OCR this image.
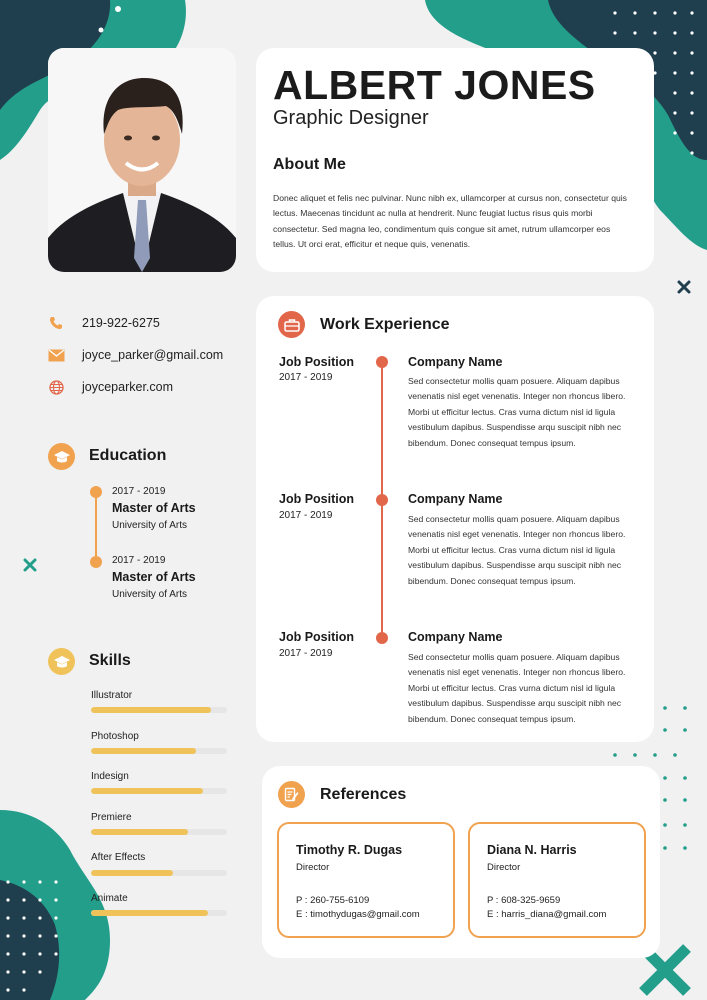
ALBERT JONES
Graphic Designer
About Me
Donec aliquet et felis nec pulvinar. Nunc nibh ex, ullamcorper at cursus non, consectetur quis lectus. Maecenas tincidunt ac nulla at hendrerit. Nunc feugiat luctus risus quis morbi consectetur. Sed magna leo, condimentum quis congue sit amet, rutrum ullamcorper eos tellus. Ut orci erat, efficitur et neque quis, venenatis.
219-922-6275
joyce_parker@gmail.com
joyceparker.com
Education
2017 - 2019
Master of Arts
University of Arts
2017 - 2019
Master of Arts
University of Arts
Skills
Illustrator
Photoshop
Indesign
Premiere
After Effects
Animate
Work Experience
Job Position
2017 - 2019
Company Name
Sed consectetur mollis quam posuere. Aliquam dapibus venenatis nisl eget venenatis. Integer non rhoncus libero. Morbi ut efficitur lectus. Cras vurna dictum nisl id ligula vestibulum dapibus. Suspendisse arqu suscipit nibh nec bibendum. Donec consequat tempus ipsum.
Job Position
2017 - 2019
Company Name
Sed consectetur mollis quam posuere. Aliquam dapibus venenatis nisl eget venenatis. Integer non rhoncus libero. Morbi ut efficitur lectus. Cras vurna dictum nisl id ligula vestibulum dapibus. Suspendisse arqu suscipit nibh nec bibendum. Donec consequat tempus ipsum.
Job Position
2017 - 2019
Company Name
Sed consectetur mollis quam posuere. Aliquam dapibus venenatis nisl eget venenatis. Integer non rhoncus libero. Morbi ut efficitur lectus. Cras vurna dictum nisl id ligula vestibulum dapibus. Suspendisse arqu suscipit nibh nec bibendum. Donec consequat tempus ipsum.
References
Timothy R. Dugas
Director
P : 260-755-6109
E : timothydugas@gmail.com
Diana N. Harris
Director
P : 608-325-9659
E : harris_diana@gmail.com
